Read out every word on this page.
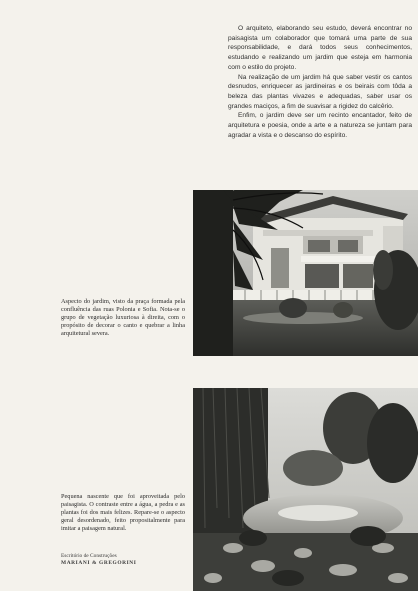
O arquiteto, elaborando seu estudo, deverá encontrar no paisagista um colaborador que tomará uma parte de sua responsabilidade, e dará todos seus conhecimentos, estudando e realizando um jardim que esteja em harmonia com o estilo do projeto.

Na realização de um jardim há que saber vestir os cantos desnudos, enriquecer as jardineiras e os beirais com tôda a beleza das plantas vivazes e adequadas, saber usar os grandes maciços, a fim de suavisar a rigidez do calcêrio.

Enfim, o jardim deve ser um recinto encantador, feito de arquitetura e poesia, onde a arte e a natureza se juntam para agradar a vista e o descanso do espírito.

Aspecto do jardim, visto da praça formada pela confluência das ruas Polonia e Sofia. Nota-se o grupo de vegetação luxuriosa à direita, com o propósito de decorar o canto e quebrar a linha arquitetural severa.
Pequena nascente que foi aproveitada pelo paisagista. O contraste entre a água, a pedra e as plantas foi dos mais felizes. Repare-se o aspecto geral desordenado, feito propositalmente para imitar a paisagem natural.
Escritório de Construções
MARIANI & GREGORINI
